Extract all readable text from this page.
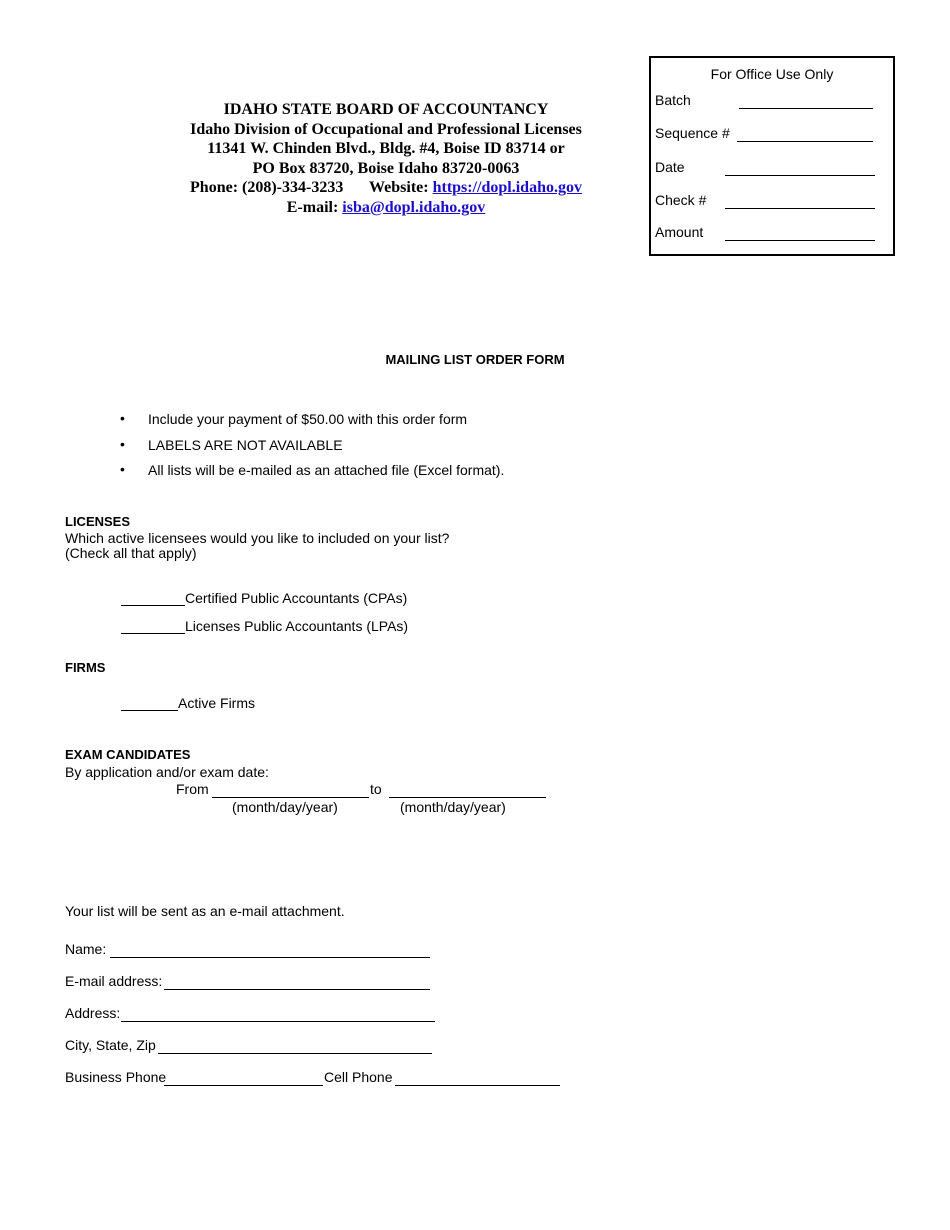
IDAHO STATE BOARD OF ACCOUNTANCY
Idaho Division of Occupational and Professional Licenses
11341 W. Chinden Blvd., Bldg. #4, Boise ID 83714 or
PO Box 83720, Boise Idaho 83720-0063
Phone: (208)-334-3233 Website: https://dopl.idaho.gov
E-mail: isba@dopl.idaho.gov
For Office Use Only
Batch
Sequence #
Date
Check #
Amount
MAILING LIST ORDER FORM
• Include your payment of $50.00 with this order form
• LABELS ARE NOT AVAILABLE
• All lists will be e-mailed as an attached file (Excel format).
LICENSES
Which active licensees would you like to included on your list?
(Check all that apply)
Certified Public Accountants (CPAs)
Licenses Public Accountants (LPAs)
FIRMS
Active Firms
EXAM CANDIDATES
By application and/or exam date:
From	to
(month/day/year)	(month/day/year)
Your list will be sent as an e-mail attachment.
Name:
E-mail address:
Address:
City, State, Zip
Business Phone	Cell Phone
